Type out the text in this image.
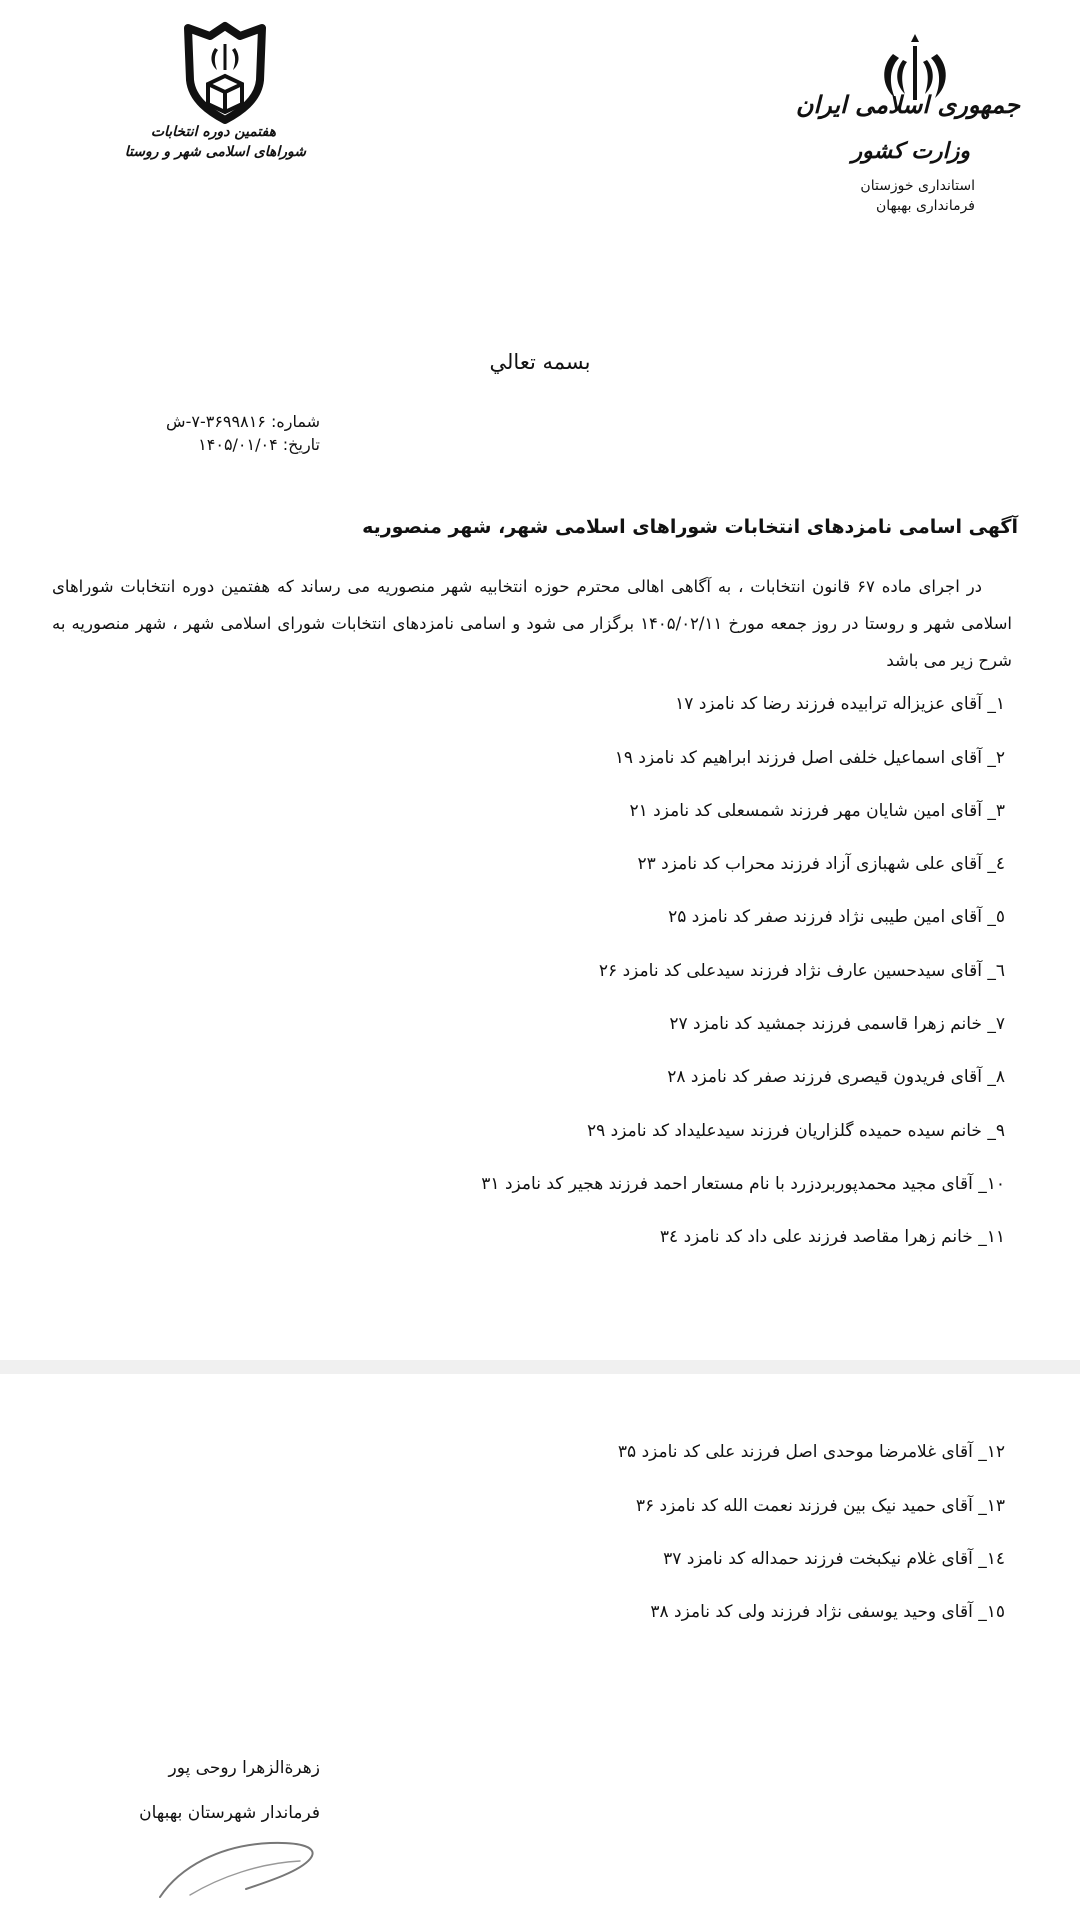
جمهوری اسلامی ایران
وزارت کشور
استانداری خوزستان
فرمانداری بهبهان
هفتمین دوره انتخابات
شوراهای اسلامی شهر و روستا
بسمه تعالي
شماره: ۳۶۹۹۸۱۶-۷-ش
تاریخ: ۱۴۰۵/۰۱/۰۴
آگهی اسامی نامزدهای انتخابات شوراهای اسلامی شهر، شهر منصوریه
در اجرای ماده ۶۷ قانون انتخابات ، به آگاهی اهالی محترم حوزه انتخابیه شهر منصوریه می رساند که هفتمین دوره انتخابات شوراهای اسلامی شهر و روستا در روز جمعه مورخ ۱۴۰۵/۰۲/۱۱ برگزار می شود و اسامی نامزدهای انتخابات شورای اسلامی شهر ، شهر منصوریه به شرح زیر می باشد
۱_ آقای عزیزاله ترابیده فرزند رضا کد نامزد ۱۷
۲_ آقای اسماعیل خلفی اصل فرزند ابراهیم کد نامزد ۱۹
۳_ آقای امین شایان مهر فرزند شمسعلی کد نامزد ۲۱
٤_ آقای علی شهبازی آزاد فرزند محراب کد نامزد ۲۳
٥_ آقای امین طیبی نژاد فرزند صفر کد نامزد ۲۵
٦_ آقای سیدحسین عارف نژاد فرزند سیدعلی کد نامزد ۲۶
۷_ خانم زهرا قاسمی فرزند جمشید کد نامزد ۲۷
۸_ آقای فریدون قیصری فرزند صفر کد نامزد ۲۸
۹_ خانم سیده حمیده گلزاریان فرزند سیدعلیداد کد نامزد ۲۹
۱۰_ آقای مجید محمدپوربردزرد با نام مستعار احمد فرزند هجیر کد نامزد ۳۱
۱۱_ خانم زهرا مقاصد فرزند علی داد کد نامزد ۳٤
۱۲_ آقای غلامرضا موحدی اصل فرزند علی کد نامزد ۳۵
۱۳_ آقای حمید نیک بین فرزند نعمت الله کد نامزد ۳۶
١٤_ آقای غلام نیکبخت فرزند حمداله کد نامزد ۳۷
۱٥_ آقای وحید یوسفی نژاد فرزند ولی کد نامزد ۳۸
زهرةالزهرا روحی پور
فرماندار شهرستان بهبهان
